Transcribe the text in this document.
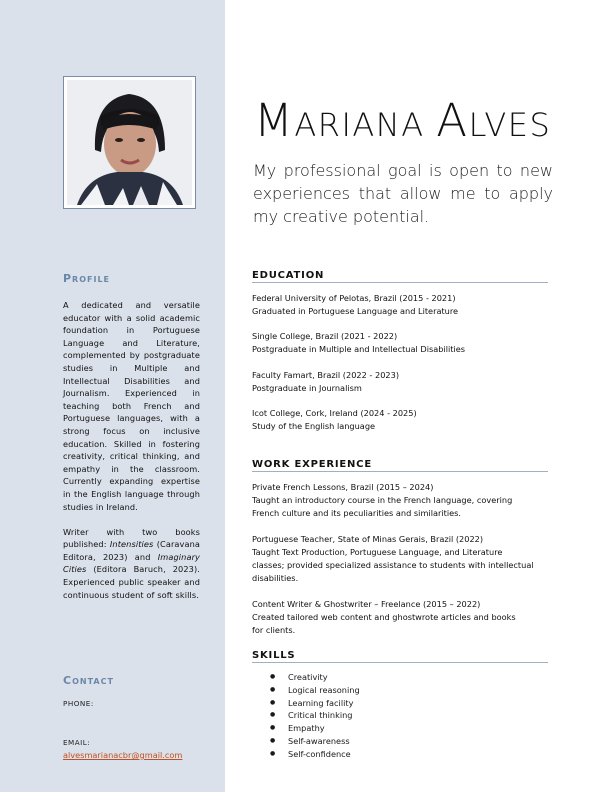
Profile

A dedicated and versatile educator with a solid academic foundation in Portuguese Language and Literature, complemented by postgraduate studies in Multiple and Intellectual Disabilities and Journalism. Experienced in teaching both French and Portuguese languages, with a strong focus on inclusive education. Skilled in fostering creativity, critical thinking, and empathy in the classroom. Currently expanding expertise in the English language through studies in Ireland.

Writer with two books published: Intensities (Caravana Editora, 2023) and Imaginary Cities (Editora Baruch, 2023). Experienced public speaker and continuous student of soft skills.

Contact
PHONE:
EMAIL:
alvesmarianacbr@gmail.com
MARIANA ALVES
My professional goal is open to new experiences that allow me to apply my creative potential.
EDUCATION
Federal University of Pelotas, Brazil (2015 - 2021)
Graduated in Portuguese Language and Literature
Single College, Brazil (2021 - 2022)
Postgraduate in Multiple and Intellectual Disabilities
Faculty Famart, Brazil (2022 - 2023)
Postgraduate in Journalism
Icot College, Cork, Ireland (2024 - 2025)
Study of the English language
WORK EXPERIENCE
Private French Lessons, Brazil (2015 – 2024)
Taught an introductory course in the French language, covering
French culture and its peculiarities and similarities.
Portuguese Teacher, State of Minas Gerais, Brazil (2022)
Taught Text Production, Portuguese Language, and Literature
classes; provided specialized assistance to students with intellectual
disabilities.
Content Writer & Ghostwriter – Freelance (2015 – 2022)
Created tailored web content and ghostwrote articles and books
for clients.
SKILLS
● Creativity
● Logical reasoning
● Learning facility
● Critical thinking
● Empathy
● Self-awareness
● Self-confidence
